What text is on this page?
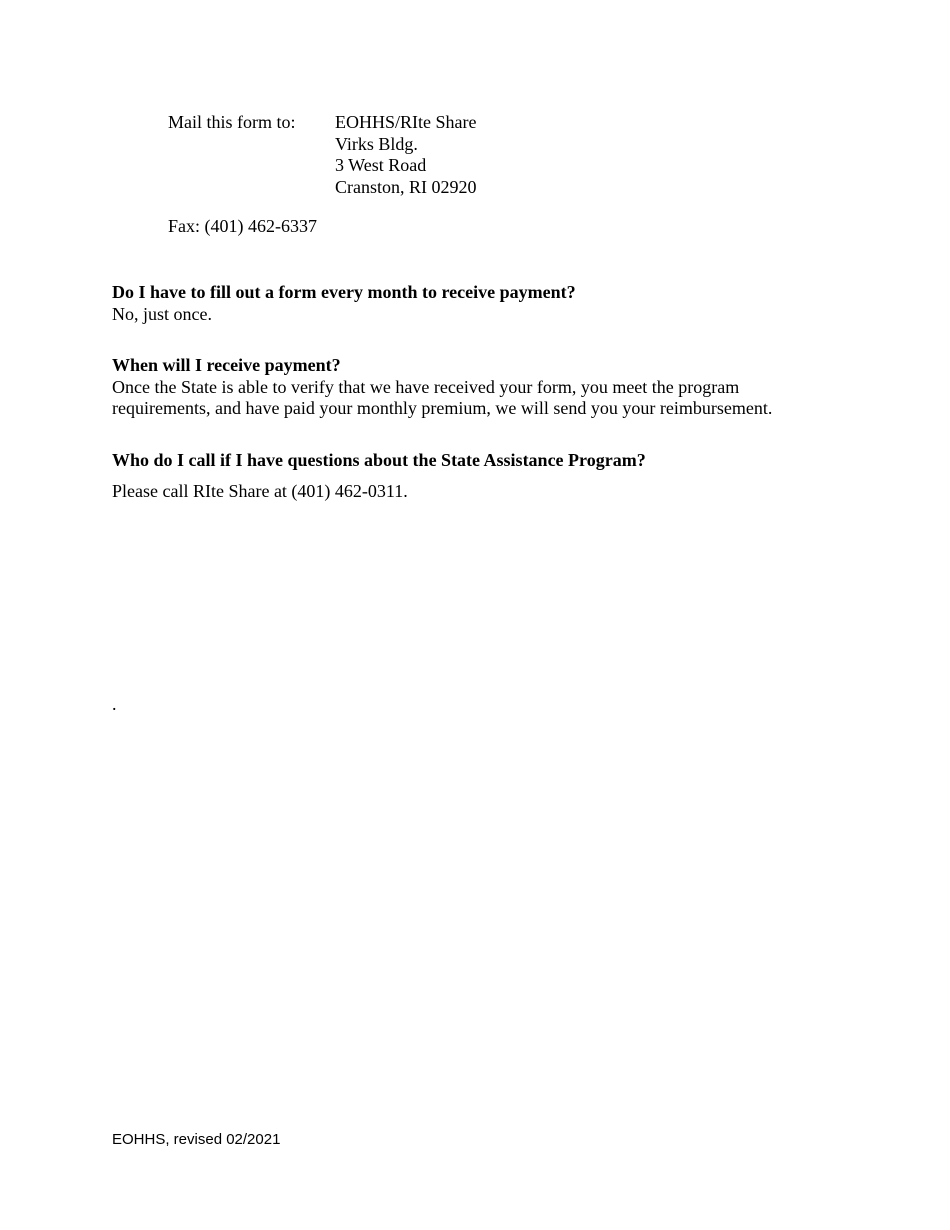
Mail this form to: EOHHS/RIte Share
Virks Bldg.
3 West Road
Cranston, RI 02920
Fax: (401) 462-6337
Do I have to fill out a form every month to receive payment?
No, just once.
When will I receive payment?
Once the State is able to verify that we have received your form, you meet the program
requirements, and have paid your monthly premium, we will send you your reimbursement.
Who do I call if I have questions about the State Assistance Program?
Please call RIte Share at (401) 462-0311.
.
EOHHS, revised 02/2021
